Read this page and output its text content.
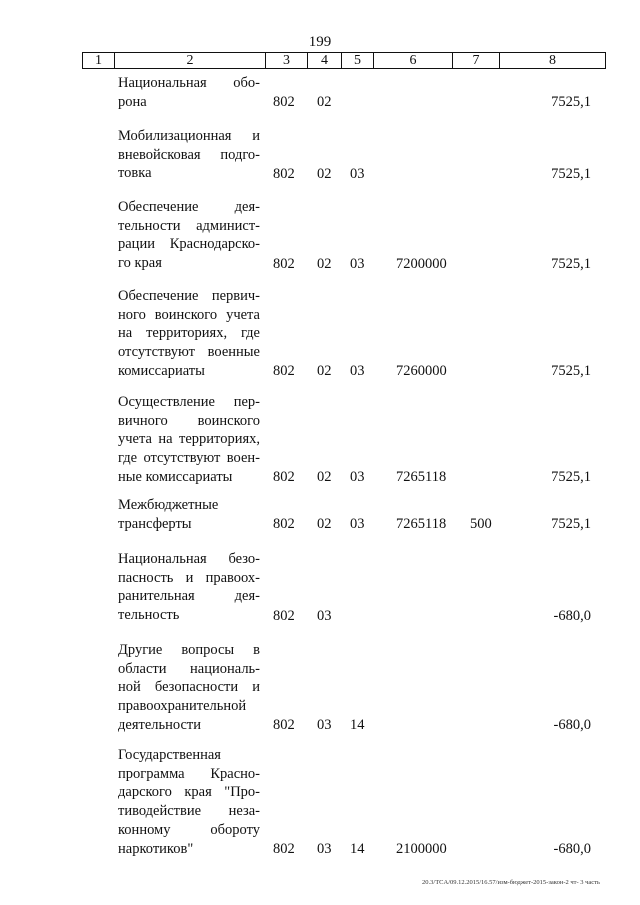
199
1	2	3	4	5	6	7	8
Национальная обо-
рона	802 02	7525,1
Мобилизационная и
вневойсковая подго-
товка	802 02 03	7525,1
Обеспечение дея-
тельности админист-
рации Краснодарско-
го края	802 02 03 7200000	7525,1
Обеспечение первич-
ного воинского учета
на территориях, где
отсутствуют военные
комиссариаты	802 02 03 7260000	7525,1
Осуществление пер-
вичного воинского
учета на территориях,
где отсутствуют воен-
ные комиссариаты	802 02 03 7265118	7525,1
Межбюджетные
трансферты	802 02 03 7265118 500	7525,1
Национальная безо-
пасность и правоох-
ранительная дея-
тельность	802 03	-680,0
Другие вопросы в
области националь-
ной безопасности и
правоохранительной
деятельности	802 03 14	-680,0
Государственная
программа Красно-
дарского края "Про-
тиводействие неза-
конному обороту
наркотиков"	802 03 14 2100000	-680,0
20.3/TCA/09.12.2015/16.57/изм-бюджет-2015-закон-2 чт- 3 часть
